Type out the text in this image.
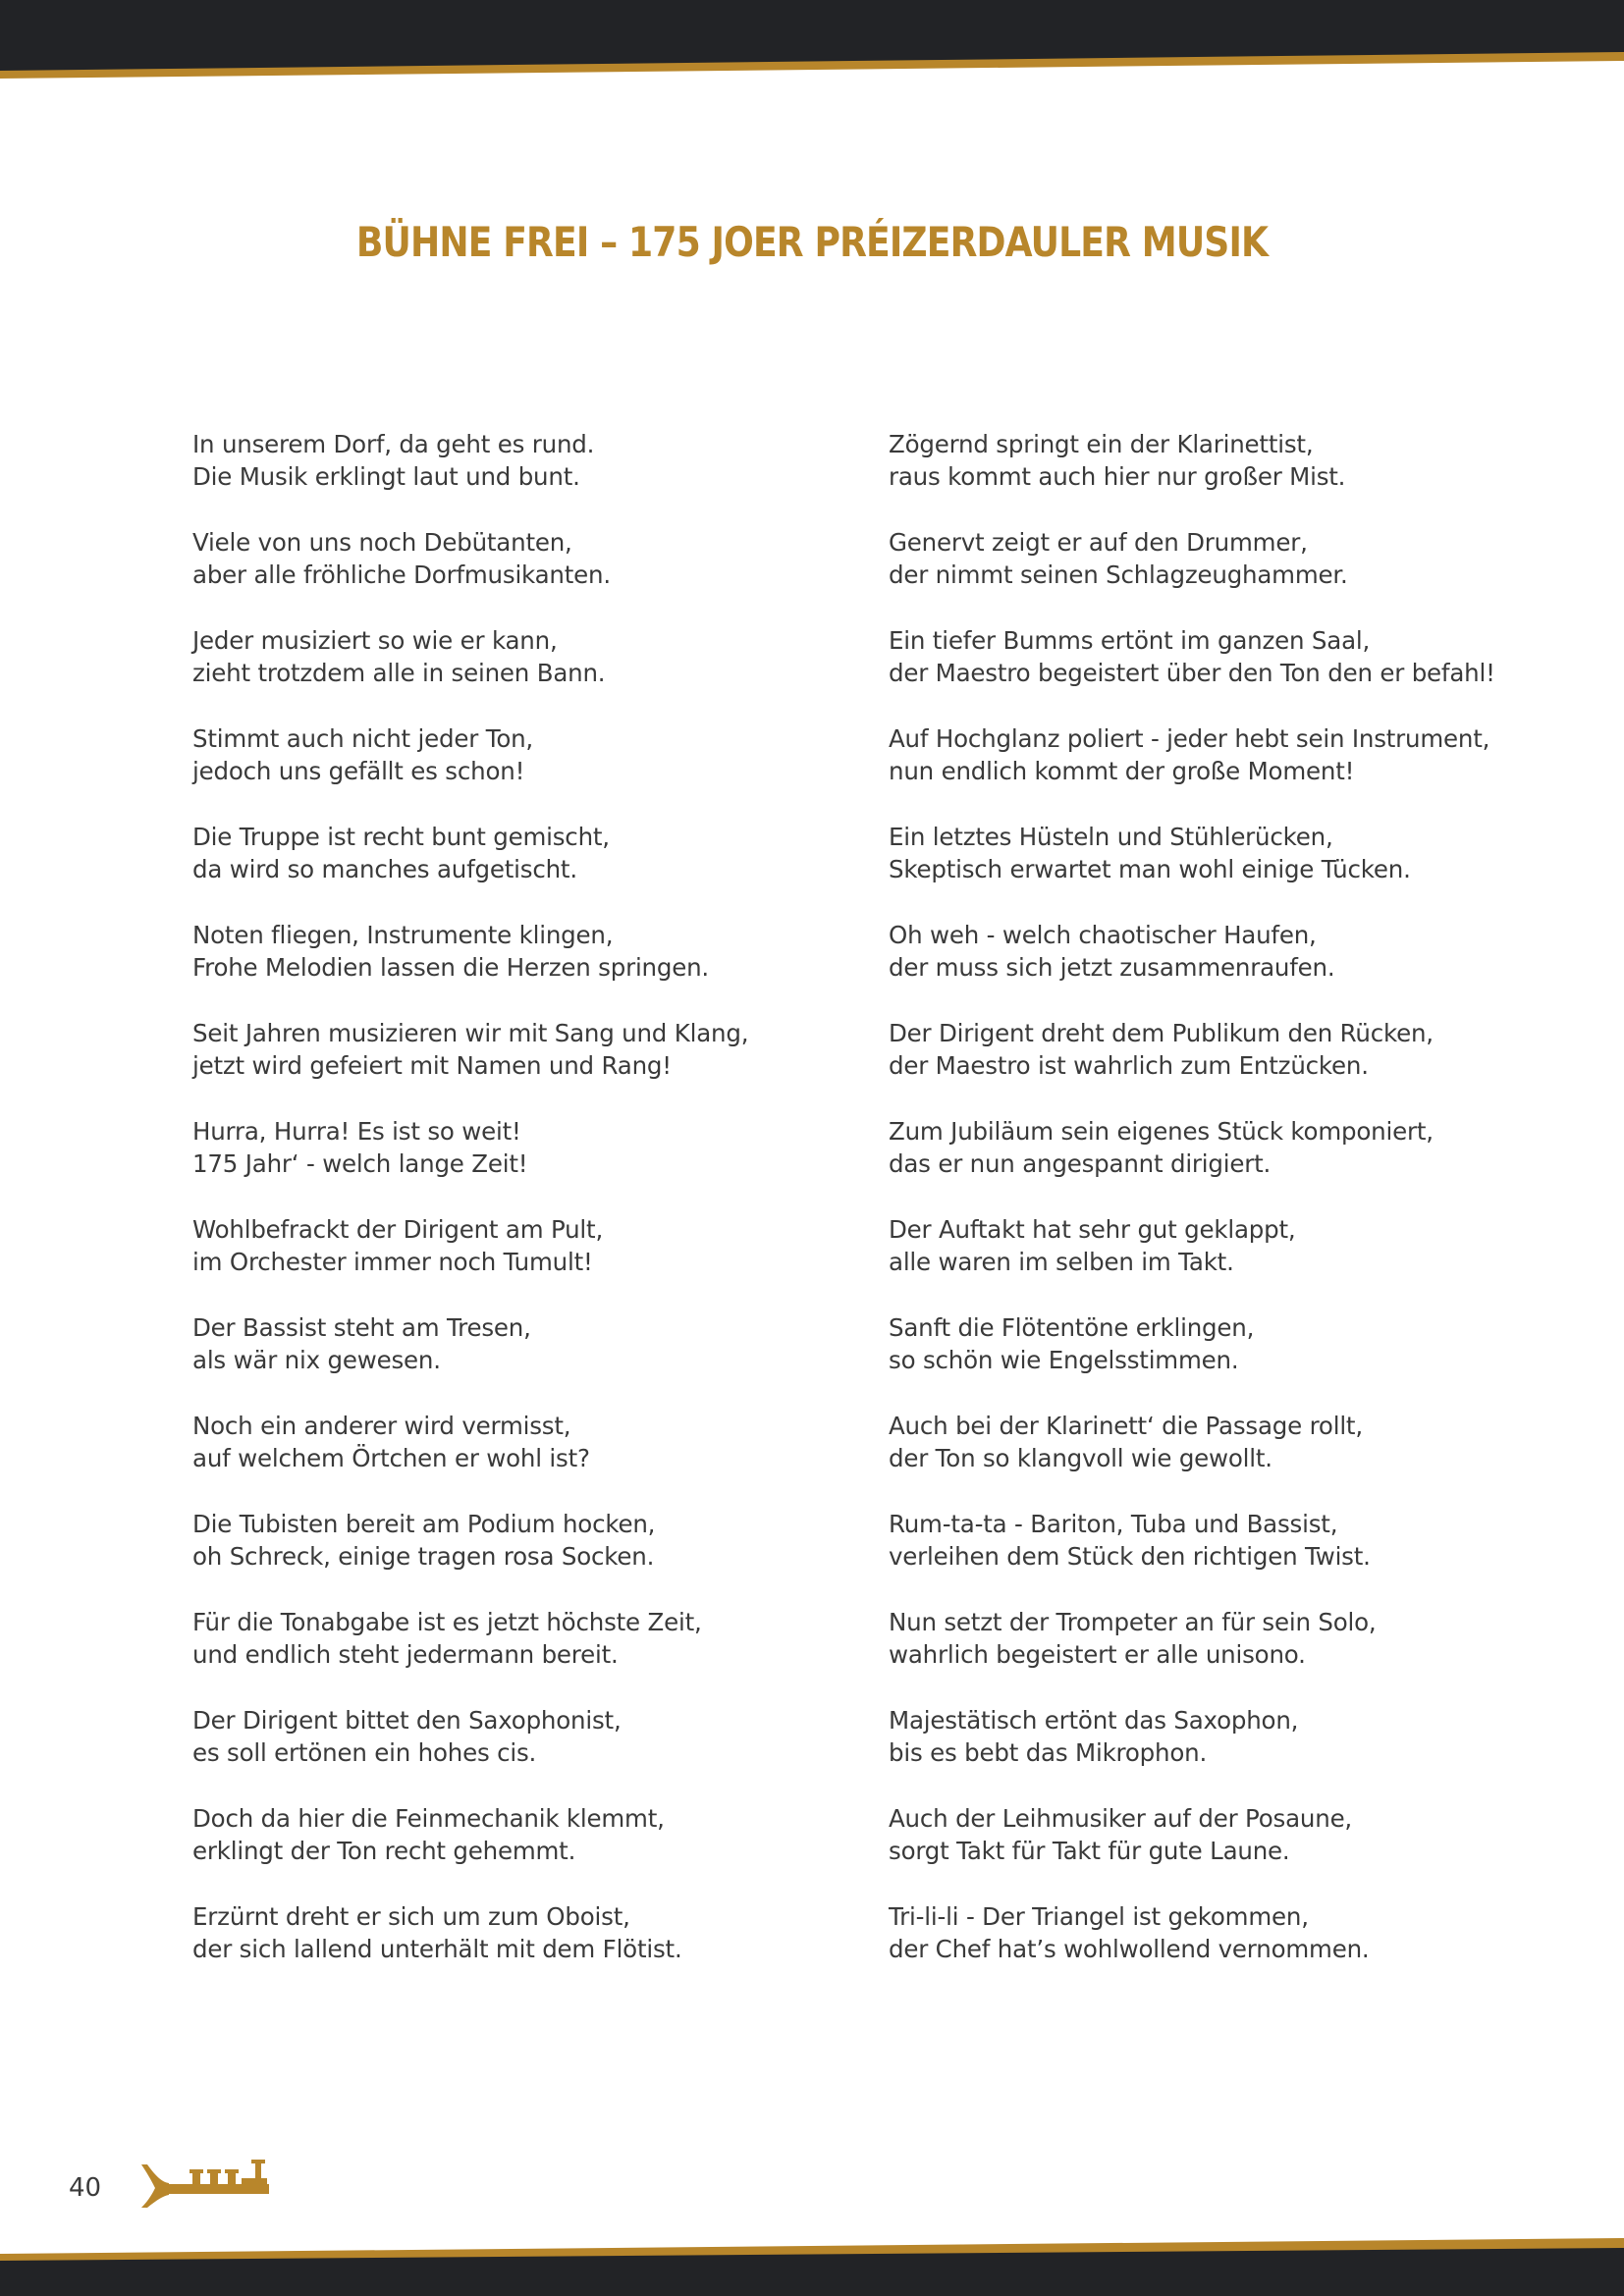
BÜHNE FREI – 175 JOER PRÉIZERDAULER MUSIK
In unserem Dorf, da geht es rund.
Die Musik erklingt laut und bunt.
Viele von uns noch Debütanten,
aber alle fröhliche Dorfmusikanten.
Jeder musiziert so wie er kann,
zieht trotzdem alle in seinen Bann.
Stimmt auch nicht jeder Ton,
jedoch uns gefällt es schon!
Die Truppe ist recht bunt gemischt,
da wird so manches aufgetischt.
Noten fliegen, Instrumente klingen,
Frohe Melodien lassen die Herzen springen.
Seit Jahren musizieren wir mit Sang und Klang,
jetzt wird gefeiert mit Namen und Rang!
Hurra, Hurra! Es ist so weit!
175 Jahr‘ - welch lange Zeit!
Wohlbefrackt der Dirigent am Pult,
im Orchester immer noch Tumult!
Der Bassist steht am Tresen,
als wär nix gewesen.
Noch ein anderer wird vermisst,
auf welchem Örtchen er wohl ist?
Die Tubisten bereit am Podium hocken,
oh Schreck, einige tragen rosa Socken.
Für die Tonabgabe ist es jetzt höchste Zeit,
und endlich steht jedermann bereit.
Der Dirigent bittet den Saxophonist,
es soll ertönen ein hohes cis.
Doch da hier die Feinmechanik klemmt,
erklingt der Ton recht gehemmt.
Erzürnt dreht er sich um zum Oboist,
der sich lallend unterhält mit dem Flötist.
Zögernd springt ein der Klarinettist,
raus kommt auch hier nur großer Mist.
Genervt zeigt er auf den Drummer,
der nimmt seinen Schlagzeughammer.
Ein tiefer Bumms ertönt im ganzen Saal,
der Maestro begeistert über den Ton den er befahl!
Auf Hochglanz poliert - jeder hebt sein Instrument,
nun endlich kommt der große Moment!
Ein letztes Hüsteln und Stühlerücken,
Skeptisch erwartet man wohl einige Tücken.
Oh weh - welch chaotischer Haufen,
der muss sich jetzt zusammenraufen.
Der Dirigent dreht dem Publikum den Rücken,
der Maestro ist wahrlich zum Entzücken.
Zum Jubiläum sein eigenes Stück komponiert,
das er nun angespannt dirigiert.
Der Auftakt hat sehr gut geklappt,
alle waren im selben im Takt.
Sanft die Flötentöne erklingen,
so schön wie Engelsstimmen.
Auch bei der Klarinett‘ die Passage rollt,
der Ton so klangvoll wie gewollt.
Rum-ta-ta - Bariton, Tuba und Bassist,
verleihen dem Stück den richtigen Twist.
Nun setzt der Trompeter an für sein Solo,
wahrlich begeistert er alle unisono.
Majestätisch ertönt das Saxophon,
bis es bebt das Mikrophon.
Auch der Leihmusiker auf der Posaune,
sorgt Takt für Takt für gute Laune.
Tri-li-li - Der Triangel ist gekommen,
der Chef hat’s wohlwollend vernommen.
40
